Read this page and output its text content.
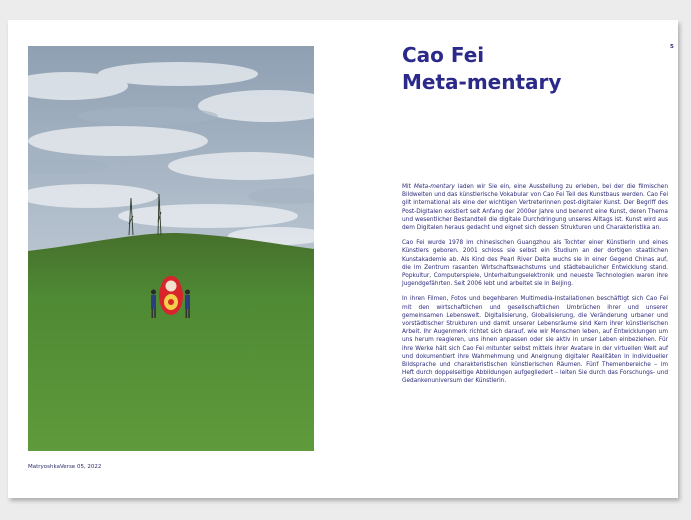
MatryoshkaVerse 05, 2022
5
Cao Fei
Meta-mentary

Mit Meta-mentary laden wir Sie ein, eine Ausstellung zu erleben, bei der die filmischen Bildwelten und das künstlerische Vokabular von Cao Fei Teil des Kunstbaus werden. Cao Fei gilt international als eine der wichtigen Vertreterinnen post-digitaler Kunst. Der Begriff des Post-Digitalen existiert seit Anfang der 2000er Jahre und benennt eine Kunst, deren Thema und wesentlicher Bestandteil die digitale Durchdringung unseres Alltags ist. Kunst wird aus dem Digitalen heraus gedacht und eignet sich dessen Strukturen und Charakteristika an.

Cao Fei wurde 1978 im chinesischen Guangzhou als Tochter einer Künstlerin und eines Künstlers geboren. 2001 schloss sie selbst ein Studium an der dortigen staatlichen Kunstakademie ab. Als Kind des Pearl River Delta wuchs sie in einer Gegend Chinas auf, die im Zentrum rasanten Wirtschaftswachstums und städtebaulicher Entwicklung stand. Popkultur, Computerspiele, Unterhaltungselektronik und neueste Technologien waren ihre Jugendgefährten. Seit 2006 lebt und arbeitet sie in Beijing.

In ihren Filmen, Fotos und begehbaren Multimedia-Installationen beschäftigt sich Cao Fei mit den wirtschaftlichen und gesellschaftlichen Umbrüchen ihrer und unserer gemeinsamen Lebenswelt. Digitalisierung, Globalisierung, die Veränderung urbaner und vorstädtischer Strukturen und damit unserer Lebensräume sind Kern ihrer künstlerischen Arbeit. Ihr Augenmerk richtet sich darauf, wie wir Menschen leben, auf Entwicklungen um uns herum reagieren, uns ihnen anpassen oder sie aktiv in unser Leben einbeziehen. Für ihre Werke hält sich Cao Fei mitunter selbst mittels ihrer Avatare in der virtuellen Welt auf und dokumentiert ihre Wahrnehmung und Aneignung digitaler Realitäten in individueller Bildsprache und charakteristischen künstlerischen Räumen. Fünf Themenbereiche – im Heft durch doppelseitige Abbildungen aufgegliedert – leiten Sie durch das Forschungs- und Gedankenuniversum der Künstlerin.
